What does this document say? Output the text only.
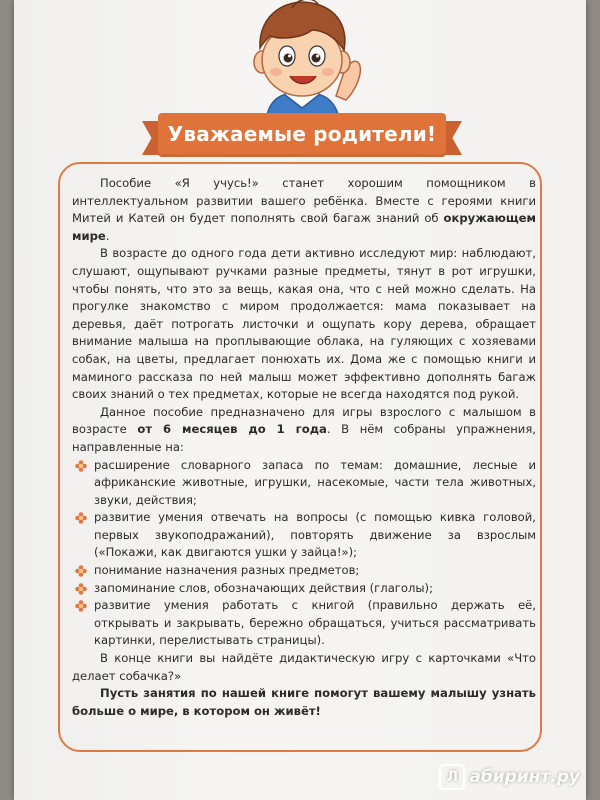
Уважаемые родители!

Пособие «Я учусь!» станет хорошим помощником в интеллектуальном развитии вашего ребёнка. Вместе с героями книги Митей и Катей он будет пополнять свой багаж знаний об окружающем мире.

В возрасте до одного года дети активно исследуют мир: наблюдают, слушают, ощупывают ручками разные предметы, тянут в рот игрушки, чтобы понять, что это за вещь, какая она, что с ней можно сделать. На прогулке знакомство с миром продолжается: мама показывает на деревья, даёт потрогать листочки и ощупать кору дерева, обращает внимание малыша на проплывающие облака, на гуляющих с хозяевами собак, на цветы, предлагает понюхать их. Дома же с помощью книги и маминого рассказа по ней малыш может эффективно дополнять багаж своих знаний о тех предметах, которые не всегда находятся под рукой.

Данное пособие предназначено для игры взрослого с малышом в возрасте от 6 месяцев до 1 года. В нём собраны упражнения, направленные на:

расширение словарного запаса по темам: домашние, лесные и африканские животные, игрушки, насекомые, части тела животных, звуки, действия;
развитие умения отвечать на вопросы (с помощью кивка головой, первых звукоподражаний), повторять движение за взрослым («Покажи, как двигаются ушки у зайца!»);
понимание назначения разных предметов;
запоминание слов, обозначающих действия (глаголы);
развитие умения работать с книгой (правильно держать её, открывать и закрывать, бережно обращаться, учиться рассматривать картинки, перелистывать страницы).

В конце книги вы найдёте дидактическую игру с карточками «Что делает собачка?»

Пусть занятия по нашей книге помогут вашему малышу узнать больше о мире, в котором он живёт!

Л абиринт.ру
